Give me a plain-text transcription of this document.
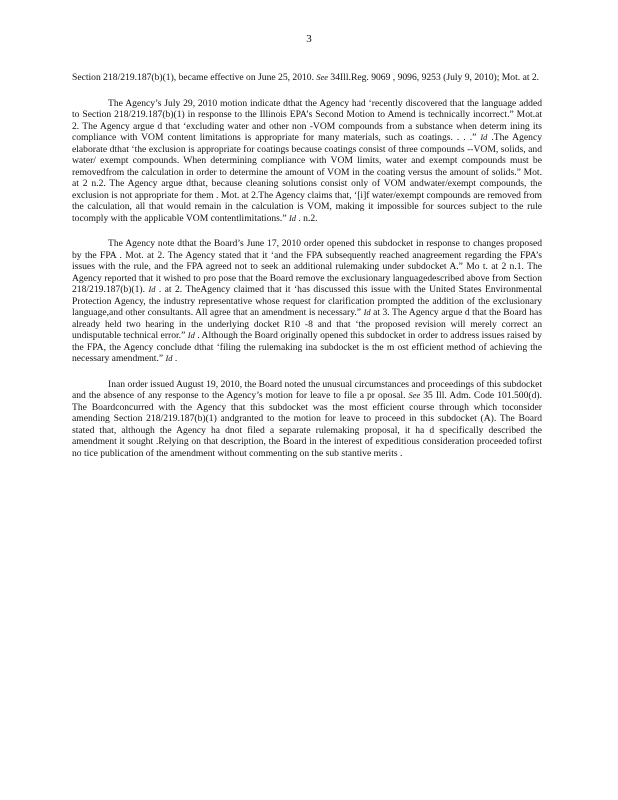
3

Section 218/219.187(b)(1), became effective on June 25, 2010. See 34Ill.Reg. 9069 , 9096, 9253 (July 9, 2010); Mot. at 2.

The Agency’s July 29, 2010 motion indicate dthat the Agency had ‘recently discovered that the language added to Section 218/219.187(b)(1) in response to the Illinois EPA’s Second Motion to Amend is technically incorrect.” Mot.at 2. The Agency argue d that ‘excluding water and other non -VOM compounds from a substance when determ ining its compliance with VOM content limitations is appropriate for many materials, such as coatings. . . .” Id .The Agency elaborate dthat ‘the exclusion is appropriate for coatings because coatings consist of three compounds --VOM, solids, and water/ exempt compounds. When determining compliance with VOM limits, water and exempt compounds must be removedfrom the calculation in order to determine the amount of VOM in the coating versus the amount of solids.” Mot. at 2 n.2. The Agency argue dthat, because cleaning solutions consist only of VOM andwater/exempt compounds, the exclusion is not appropriate for them . Mot. at 2.The Agency claims that, ‘[i]f water/exempt compounds are removed from the calculation, all that would remain in the calculation is VOM, making it impossible for sources subject to the rule tocomply with the applicable VOM contentlimitations.” Id . n.2.

The Agency note dthat the Board’s June 17, 2010 order opened this subdocket in response to changes proposed by the FPA . Mot. at 2. The Agency stated that it ‘and the FPA subsequently reached anagreement regarding the FPA’s issues with the rule, and the FPA agreed not to seek an additional rulemaking under subdocket A.” Mo t. at 2 n.1. The Agency reported that it wished to pro pose that the Board remove the exclusionary languagedescribed above from Section 218/219.187(b)(1). Id . at 2. TheAgency claimed that it ‘has discussed this issue with the United States Environmental Protection Agency, the industry representative whose request for clarification prompted the addition of the exclusionary language,and other consultants. All agree that an amendment is necessary.” Id at 3. The Agency argue d that the Board has already held two hearing in the underlying docket R10 -8 and that ‘the proposed revision will merely correct an undisputable technical error.” Id . Although the Board originally opened this subdocket in order to address issues raised by the FPA, the Agency conclude dthat ‘filing the rulemaking ina subdocket is the m ost efficient method of achieving the necessary amendment.” Id .

Inan order issued August 19, 2010, the Board noted the unusual circumstances and proceedings of this subdocket and the absence of any response to the Agency’s motion for leave to file a pr oposal. See 35 Ill. Adm. Code 101.500(d). The Boardconcurred with the Agency that this subdocket was the most efficient course through which toconsider amending Section 218/219.187(b)(1) andgranted to the motion for leave to proceed in this subdocket (A). The Board stated that, although the Agency ha dnot filed a separate rulemaking proposal, it ha d specifically described the amendment it sought .Relying on that description, the Board in the interest of expeditious consideration proceeded tofirst no tice publication of the amendment without commenting on the sub stantive merits .
